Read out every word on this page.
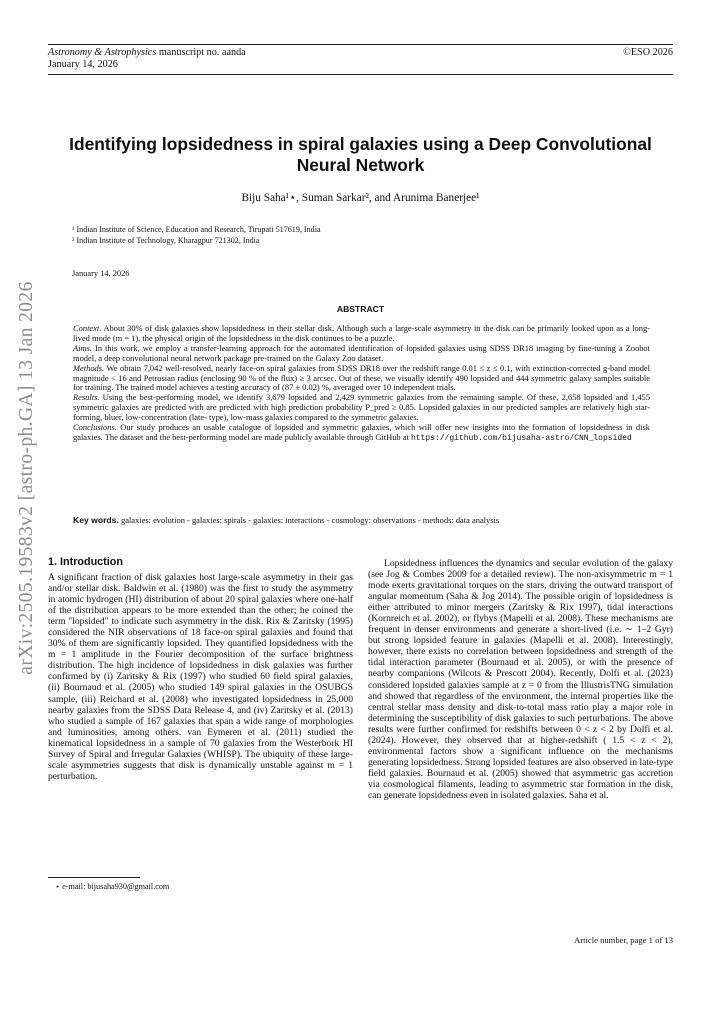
Astronomy & Astrophysics manuscript no. aanda
January 14, 2026
©ESO 2026
arXiv:2505.19583v2 [astro-ph.GA] 13 Jan 2026
Identifying lopsidedness in spiral galaxies using a Deep Convolutional Neural Network
Biju Saha¹⋆, Suman Sarkar², and Arunima Banerjee¹
¹ Indian Institute of Science, Education and Research, Tirupati 517619, India
² Indian Institute of Technology, Kharagpur 721302, India
January 14, 2026
ABSTRACT

Context. About 30% of disk galaxies show lopsidedness in their stellar disk. Although such a large-scale asymmetry in the disk can be primarily looked upon as a long-lived mode (m = 1), the physical origin of the lopsidedness in the disk continues to be a puzzle.

Aims. In this work, we employ a transfer-learning approach for the automated identification of lopsided galaxies using SDSS DR18 imaging by fine-tuning a Zoobot model, a deep convolutional neural network package pre-trained on the Galaxy Zoo dataset.

Methods. We obtain 7,042 well-resolved, nearly face-on spiral galaxies from SDSS DR18 over the redshift range 0.01 ≤ z ≤ 0.1, with extinction-corrected g-band model magnitude < 16 and Petrosian radius (enclosing 90 % of the flux) ≥ 3 arcsec. Out of these, we visually identify 490 lopsided and 444 symmetric galaxy samples suitable for training. The trained model achieves a testing accuracy of (87 ± 0.02) %, averaged over 10 independent trials.

Results. Using the best-performing model, we identify 3,679 lopsided and 2,429 symmetric galaxies from the remaining sample. Of these, 2,658 lopsided and 1,455 symmetric galaxies are predicted with are predicted with high prediction probability P_pred ≥ 0.85. Lopsided galaxies in our predicted samples are relatively high star-forming, bluer, low-concentration (late- type), low-mass galaxies compared to the symmetric galaxies.

Conclusions. Our study produces an usable catalogue of lopsided and symmetric galaxies, which will offer new insights into the formation of lopsidedness in disk galaxies. The dataset and the best-performing model are made publicly available through GitHub at https://github.com/bijusaha-astro/CNN_lopsided

Key words. galaxies: evolution - galaxies: spirals - galaxies: interactions - cosmology: observations - methods: data analysis
1. Introduction

A significant fraction of disk galaxies host large-scale asymmetry in their gas and/or stellar disk. Baldwin et al. (1980) was the first to study the asymmetry in atomic hydrogen (HI) distribution of about 20 spiral galaxies where one-half of the distribution appears to be more extended than the other; he coined the term "lopsided" to indicate such asymmetry in the disk. Rix & Zaritsky (1995) considered the NIR observations of 18 face-on spiral galaxies and found that 30% of them are significantly lopsided. They quantified lopsidedness with the m = 1 amplitude in the Fourier decomposition of the surface brightness distribution. The high incidence of lopsidedness in disk galaxies was further confirmed by (i) Zaritsky & Rix (1997) who studied 60 field spiral galaxies, (ii) Bournaud et al. (2005) who studied 149 spiral galaxies in the OSUBGS sample, (iii) Reichard et al. (2008) who investigated lopsidedness in 25,000 nearby galaxies from the SDSS Data Release 4, and (iv) Zaritsky et al. (2013) who studied a sample of 167 galaxies that span a wide range of morphologies and luminosities, among others. van Eymeren et al. (2011) studied the kinematical lopsidedness in a sample of 70 galaxies from the Westerbork HI Survey of Spiral and Irregular Galaxies (WHISP). The ubiquity of these large-scale asymmetries suggests that disk is dynamically unstable against m = 1 perturbation.

Lopsidedness influences the dynamics and secular evolution of the galaxy (see Jog & Combes 2009 for a detailed review). The non-axisymmetric m = 1 mode exerts gravitational torques on the stars, driving the outward transport of angular momentum (Saha & Jog 2014). The possible origin of lopsidedness is either attributed to minor mergers (Zaritsky & Rix 1997), tidal interactions (Kornreich et al. 2002), or flybys (Mapelli et al. 2008). These mechanisms are frequent in denser environments and generate a short-lived (i.e. ∼ 1–2 Gyr) but strong lopsided feature in galaxies (Mapelli et al. 2008). Interestingly, however, there exists no correlation between lopsidedness and strength of the tidal interaction parameter (Bournaud et al. 2005), or with the presence of nearby companions (Wilcots & Prescott 2004). Recently, Dolfi et al. (2023) considered lopsided galaxies sample at z = 0 from the IllustrisTNG simulation and showed that regardless of the environment, the internal properties like the central stellar mass density and disk-to-total mass ratio play a major role in determining the susceptibility of disk galaxies to such perturbations. The above results were further confirmed for redshifts between 0 < z < 2 by Dolfi et al. (2024). However, they observed that at higher-redshift ( 1.5 < z < 2), environmental factors show a significant influence on the mechanisms generating lopsidedness. Strong lopsided features are also observed in late-type field galaxies. Bournaud et al. (2005) showed that asymmetric gas accretion via cosmological filaments, leading to asymmetric star formation in the disk, can generate lopsidedness even in isolated galaxies. Saha et al.

⋆ e-mail: bijusaha930@gmail.com
Article number, page 1 of 13
